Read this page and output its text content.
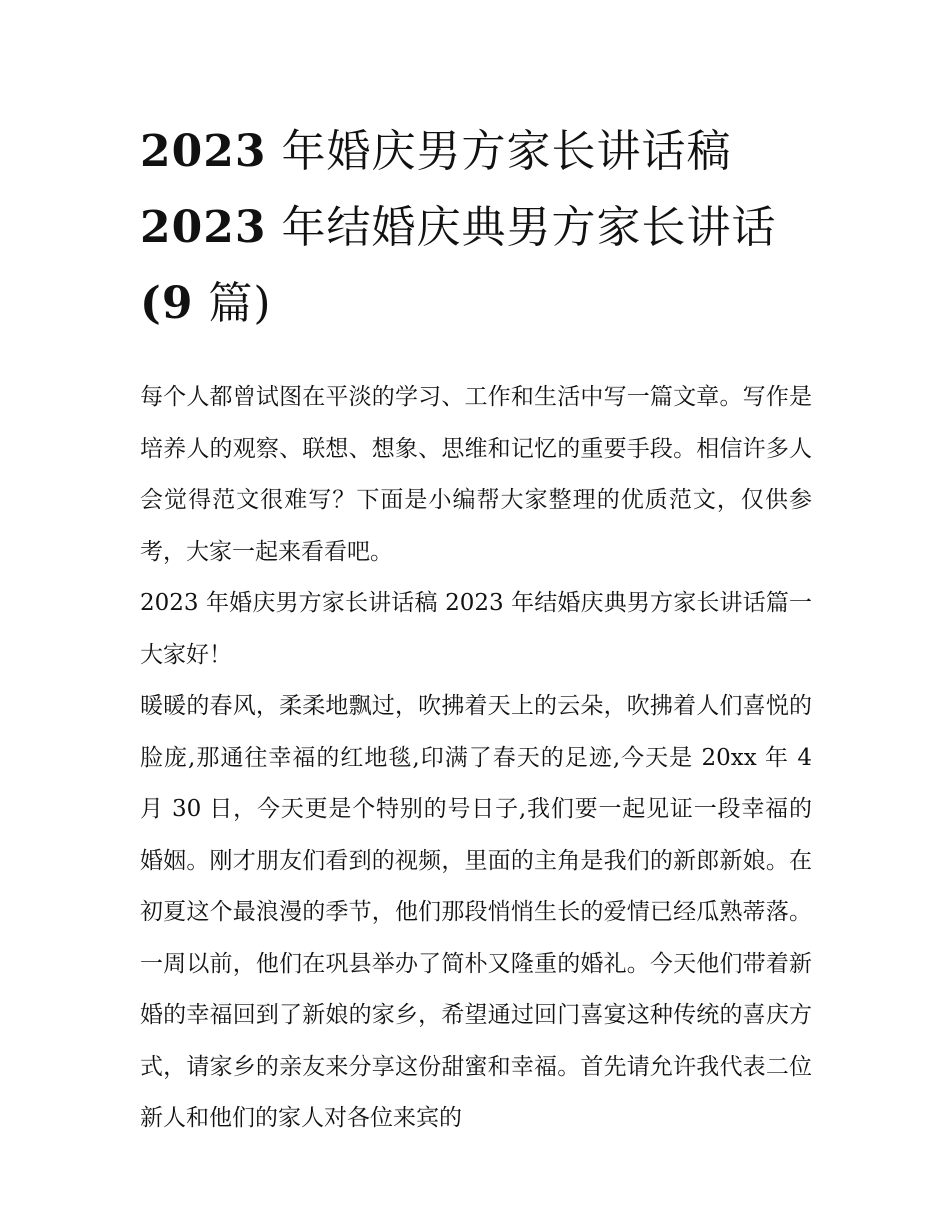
2023 年婚庆男方家长讲话稿
2023 年结婚庆典男方家长讲话
(9 篇)

每个人都曾试图在平淡的学习、工作和生活中写一篇文章。写作是培养人的观察、联想、想象、思维和记忆的重要手段。相信许多人会觉得范文很难写？下面是小编帮大家整理的优质范文，仅供参考，大家一起来看看吧。

2023 年婚庆男方家长讲话稿 2023 年结婚庆典男方家长讲话篇一 大家好！

暖暖的春风，柔柔地飘过，吹拂着天上的云朵，吹拂着人们喜悦的脸庞,那通往幸福的红地毯,印满了春天的足迹,今天是 20xx 年 4 月 30 日，今天更是个特别的号日子,我们要一起见证一段幸福的婚姻。刚才朋友们看到的视频，里面的主角是我们的新郎新娘。在初夏这个最浪漫的季节，他们那段悄悄生长的爱情已经瓜熟蒂落。一周以前，他们在巩县举办了简朴又隆重的婚礼。今天他们带着新婚的幸福回到了新娘的家乡，希望通过回门喜宴这种传统的喜庆方式，请家乡的亲友来分享这份甜蜜和幸福。首先请允许我代表二位新人和他们的家人对各位来宾的
